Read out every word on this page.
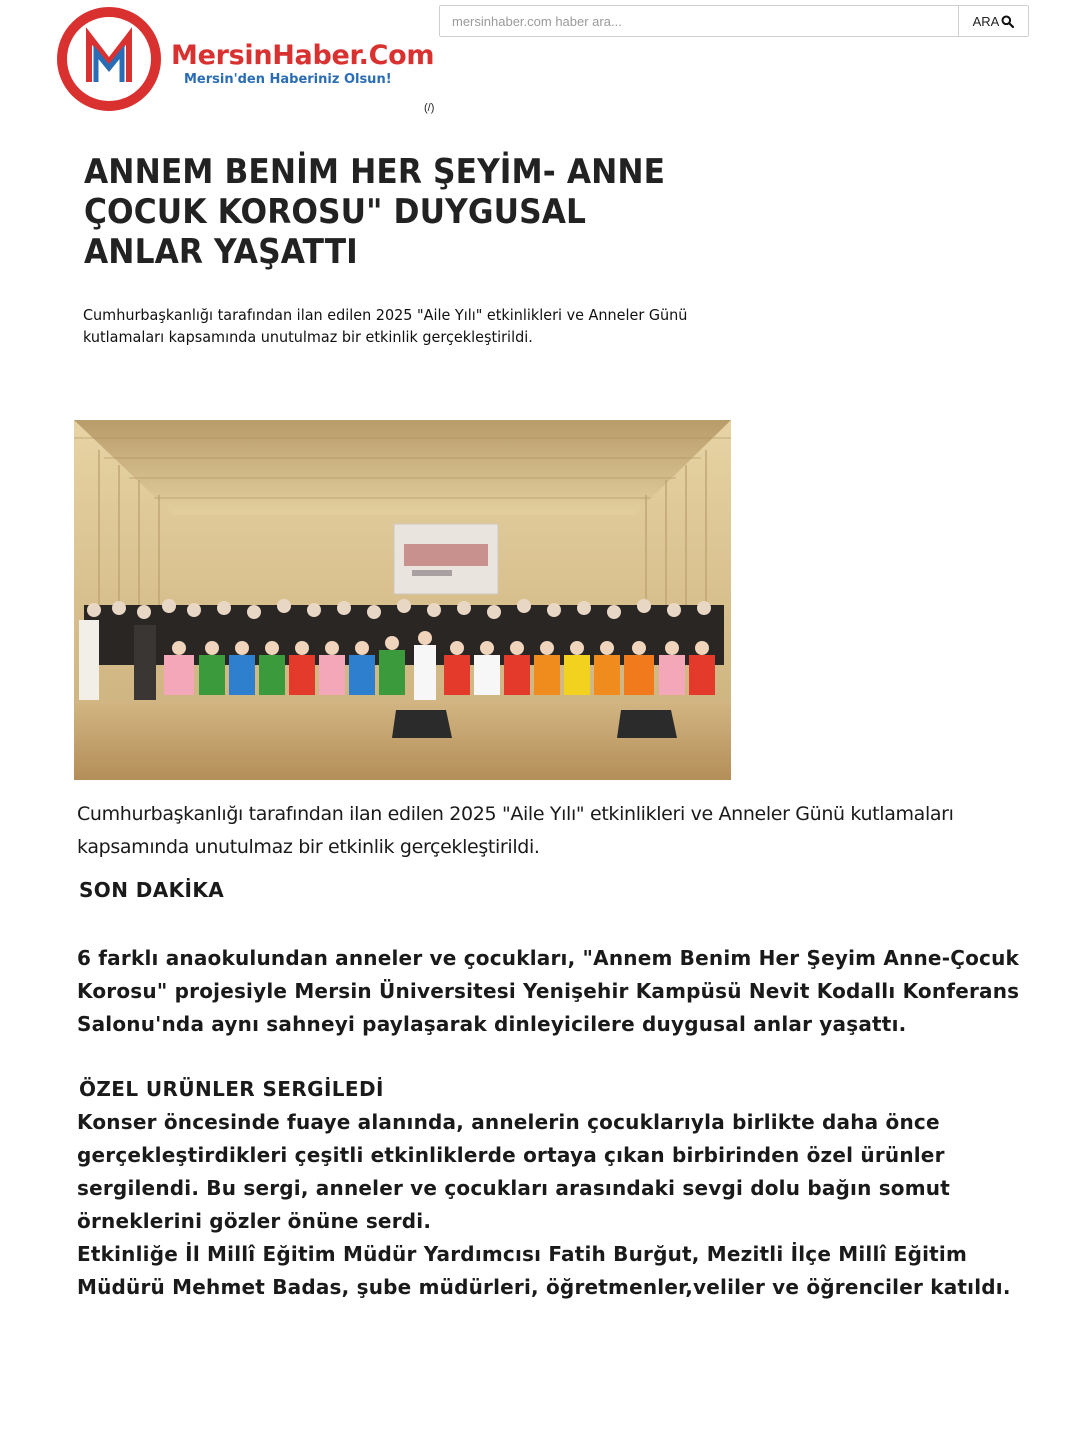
MersinHaber.Com
Mersin'den Haberiniz Olsun!
mersinhaber.com haber ara...
ARA
(/)
ANNEM BENİM HER ŞEYİM- ANNE ÇOCUK KOROSU" DUYGUSAL ANLAR YAŞATTI

Cumhurbaşkanlığı tarafından ilan edilen 2025 "Aile Yılı" etkinlikleri ve Anneler Günü kutlamaları kapsamında unutulmaz bir etkinlik gerçekleştirildi.

Cumhurbaşkanlığı tarafından ilan edilen 2025 "Aile Yılı" etkinlikleri ve Anneler Günü kutlamaları kapsamında unutulmaz bir etkinlik gerçekleştirildi.

SON DAKİKA

6 farklı anaokulundan anneler ve çocukları, "Annem Benim Her Şeyim Anne-Çocuk Korosu" projesiyle Mersin Üniversitesi Yenişehir Kampüsü Nevit Kodallı Konferans Salonu'nda aynı sahneyi paylaşarak dinleyicilere duygusal anlar yaşattı.

ÖZEL URÜNLER SERGİLEDİ

Konser öncesinde fuaye alanında, annelerin çocuklarıyla birlikte daha önce gerçekleştirdikleri çeşitli etkinliklerde ortaya çıkan birbirinden özel ürünler sergilendi. Bu sergi, anneler ve çocukları arasındaki sevgi dolu bağın somut örneklerini gözler önüne serdi.

Etkinliğe İl Millî Eğitim Müdür Yardımcısı Fatih Burğut, Mezitli İlçe Millî Eğitim Müdürü Mehmet Badas, şube müdürleri, öğretmenler,veliler ve öğrenciler katıldı.
